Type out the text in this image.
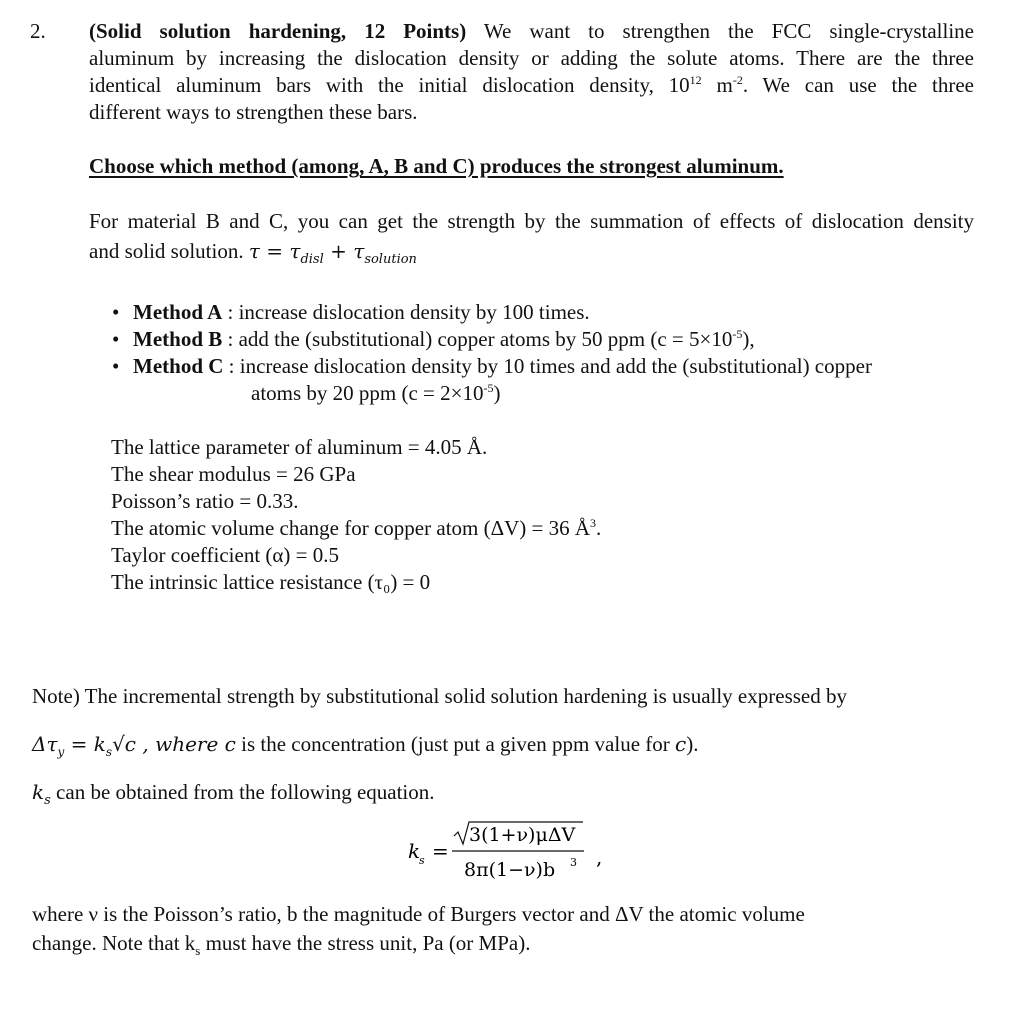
2. (Solid solution hardening, 12 Points) We want to strengthen the FCC single-crystalline
aluminum by increasing the dislocation density or adding the solute atoms. There are the three
identical aluminum bars with the initial dislocation density, $10^{12}$ $m^{-2}$. We can use the three
different ways to strengthen these bars.
Choose which method (among, A, B and C) produces the strongest aluminum.
For material B and C, you can get the strength by the summation of effects of dislocation density
and solid solution. $\tau = \tau_{disl} + \tau_{solution}$
• Method A : increase dislocation density by 100 times.
• Method B : add the (substitutional) copper atoms by 50 ppm $(c = 5\times 10^{-5})$,
• Method C : increase dislocation density by 10 times and add the (substitutional) copper
atoms by 20 ppm $(c = 2\times 10^{-5})$
The lattice parameter of aluminum = 4.05 Å.
The shear modulus = 26 GPa
Poisson’s ratio = 0.33.
The atomic volume change for copper atom (ΔV) = 36 $Å^3$.
Taylor coefficient (α) = 0.5
The intrinsic lattice resistance (τ₀) = 0
Note) The incremental strength by substitutional solid solution hardening is usually expressed by
$\Delta\tau_y = k_s√c$ , where c is the concentration (just put a given ppm value for c).
$k_s$ can be obtained from the following equation.
k
s =
3(1+ν)μΔV
8π(1−ν)b 3 ,
where ν is the Poisson’s ratio, b the magnitude of Burgers vector and ΔV the atomic volume
change. Note that $k_s$ must have the stress unit, Pa (or MPa).
